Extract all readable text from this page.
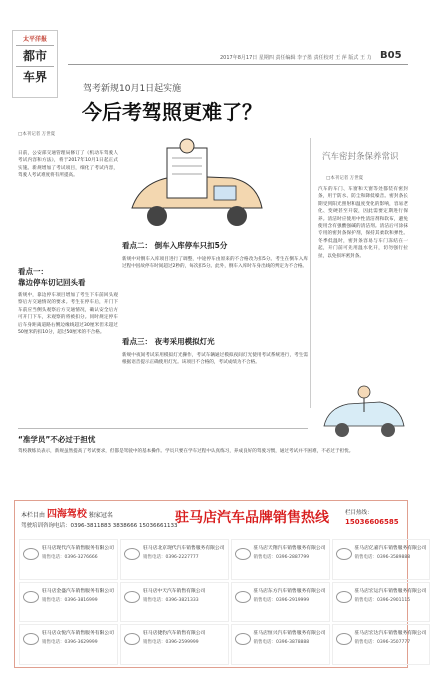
太平洋报
都市
车界
2017年8月17日 星期四 责任编辑 李子墨 责任校对 王 萍 版式 王 力 B05
驾考新规10月1日起实施
今后考驾照更难了？
□本刊记者 万世夏
日前，公安部交通管理局修订了《机动车驾驶人考试内容和方法》，将于2017年10月1日起正式实施。新规增加了考试项目，细化了考试内容，驾驶人考试难度将有所提高。
汽车密封条保养常识
□本刊记者 万世夏
汽车的车门、车窗和天窗等处都装有密封条，用于防水、防尘和降低噪音。密封条长期受到阳光照射和温度变化的影响，容易老化、变硬甚至开裂，因此需要定期进行保养。清洁时应使用中性清洁剂和软布，避免使用含有强酸强碱的清洁剂。清洁后可涂抹专用的密封条保护剂，保持其柔软和弹性。冬季低温时，密封条容易与车门冻结在一起，开门前可先用温水化开，切勿强行拉扯，以免损坏密封条。
看点一：
靠边停车切记回头看
新规中，靠边停车项目增加了考生下车前回头观察后方交通情况的要求。考生在停车后，开门下车前应当侧头观察后方交通情况，确认安全后方可开门下车，未观察的将被扣分。同时规定停车后车身距离道路右侧边缘线超过30厘米但未超过50厘米的扣10分，超过50厘米的不合格。
看点二： 倒车入库停车只扣5分
新规中对倒车入库项目进行了调整，中途停车由原来的不合格改为扣5分。考生在倒车入库过程中因故停车时间超过2秒的，每次扣5分。此外，倒车入库时车身出线的判定为不合格。
看点三： 夜考采用模拟灯光
新规中夜间考试采用模拟灯光操作，考试车辆通过模拟夜间灯光使用考试系统进行，考生需根据语音提示正确使用灯光。该项目不合格的，考试成绩为不合格。
“准学员”不必过于担忧
驾校教练员表示，新规虽然提高了考试要求，但都是驾驶中的基本操作。学员只要在学车过程中认真练习，养成良好的驾驶习惯，通过考试并不困难，不必过于担忧。
本栏目由 四海驾校 独家冠名
驾驶培训咨询电话：0396-3811883 3838666 15036661133
驻马店汽车品牌销售热线	栏目热线：
15036606585
驻马店现代汽车销售服务有限公司
销售电话：0396-3276666
驻马店北京现代汽车销售服务有限公司
销售电话：0396-2227777
驻马店天翔汽车销售服务有限公司
销售电话：0396-2887799
驻马店亿嘉汽车销售服务有限公司
销售电话：0396-3589888
驻马店金盛汽车销售服务有限公司
销售电话：0396-3816999
驻马店中天汽车销售有限公司
销售电话：0396-3821333
驻马店东方汽车销售服务有限公司
销售电话：0396-2919999
驻马店宏运汽车销售服务有限公司
销售电话：0396-2901115
驻马店众悦汽车销售服务有限公司
销售电话：0396-3629999
驻马店捷豹汽车销售有限公司
销售电话：0396-2599999
驻马店恒兴汽车销售服务有限公司
销售电话：0396-3878888
驻马店宏达汽车销售服务有限公司
销售电话：0396-3507777
